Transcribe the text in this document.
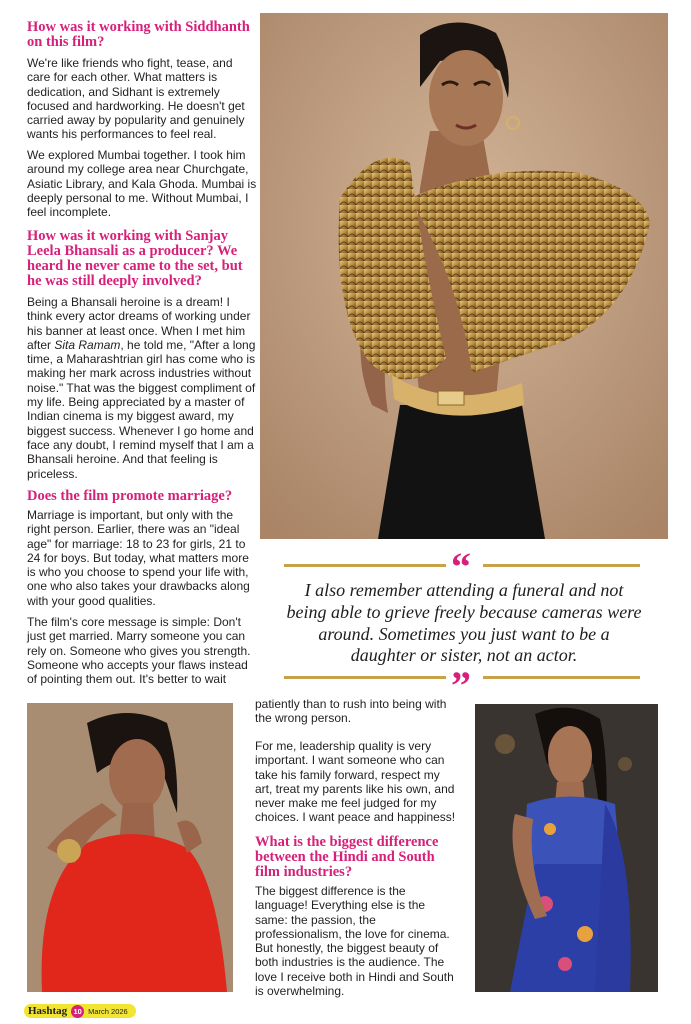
How was it working with Siddhanth on this film?

We're like friends who fight, tease, and care for each other. What matters is dedication, and Sidhant is extremely focused and hardworking. He doesn't get carried away by popularity and genuinely wants his performances to feel real.

We explored Mumbai together. I took him around my college area near Churchgate, Asiatic Library, and Kala Ghoda. Mumbai is deeply personal to me. Without Mumbai, I feel incomplete.

How was it working with Sanjay Leela Bhansali as a producer? We heard he never came to the set, but he was still deeply involved?

Being a Bhansali heroine is a dream! I think every actor dreams of working under his banner at least once. When I met him after Sita Ramam, he told me, "After a long time, a Maharashtrian girl has come who is making her mark across industries without noise." That was the biggest compliment of my life. Being appreciated by a master of Indian cinema is my biggest award, my biggest success. Whenever I go home and face any doubt, I remind myself that I am a Bhansali heroine. And that feeling is priceless.

Does the film promote marriage?

Marriage is important, but only with the right person. Earlier, there was an "ideal age" for marriage: 18 to 23 for girls, 21 to 24 for boys. But today, what matters more is who you choose to spend your life with, one who also takes your drawbacks along with your good qualities.

The film's core message is simple: Don't just get married. Marry someone you can rely on. Someone who gives you strength. Someone who accepts your flaws instead of pointing them out. It's better to wait

“

I also remember attending a funeral and not being able to grieve freely because cameras were around. Sometimes you just want to be a daughter or sister, not an actor.

”

patiently than to rush into being with the wrong person.

For me, leadership quality is very important. I want someone who can take his family forward, respect my art, treat my parents like his own, and never make me feel judged for my choices. I want peace and happiness!

What is the biggest difference between the Hindi and South film industries?

The biggest difference is the language! Everything else is the same: the passion, the professionalism, the love for cinema. But honestly, the biggest beauty of both industries is the audience. The love I receive both in Hindi and South is overwhelming.

Hashtag 10 March 2026
